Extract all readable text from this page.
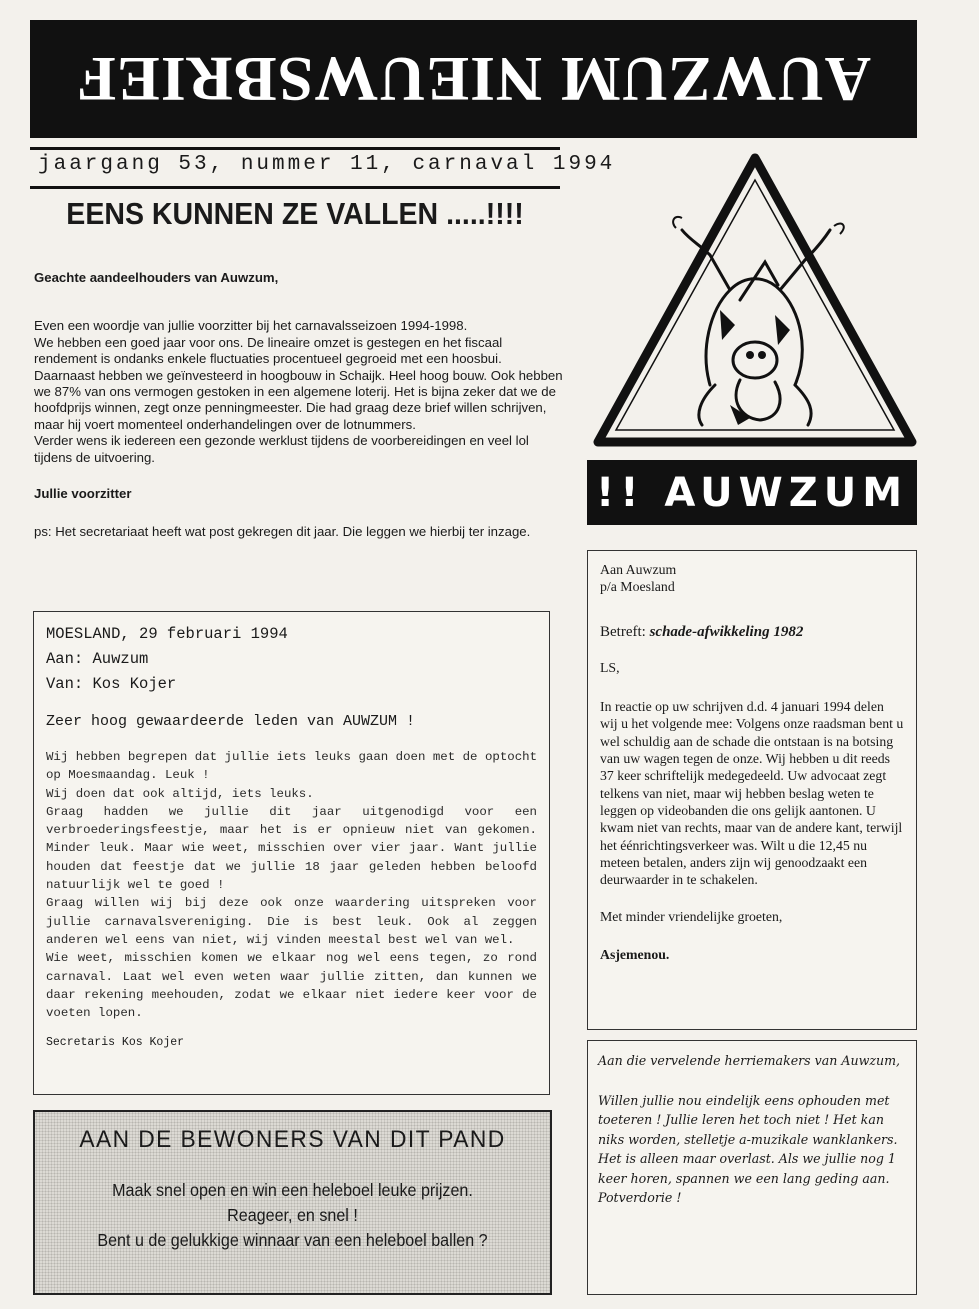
AUWZUM NIEUWSBRIEF
jaargang 53, nummer 11, carnaval 1994
EENS KUNNEN ZE VALLEN .....!!!!

Geachte aandeelhouders van Auwzum,

Even een woordje van jullie voorzitter bij het carnavalsseizoen 1994-1998.

We hebben een goed jaar voor ons. De lineaire omzet is gestegen en het fiscaal rendement is ondanks enkele fluctuaties procentueel gegroeid met een hoosbui.

Daarnaast hebben we geïnvesteerd in hoogbouw in Schaijk. Heel hoog bouw. Ook hebben we 87% van ons vermogen gestoken in een algemene loterij. Het is bijna zeker dat we de hoofdprijs winnen, zegt onze penningmeester. Die had graag deze brief willen schrijven, maar hij voert momenteel onderhandelingen over de lotnummers.

Verder wens ik iedereen een gezonde werklust tijdens de voorbereidingen en veel lol tijdens de uitvoering.

Jullie voorzitter

ps: Het secretariaat heeft wat post gekregen dit jaar. Die leggen we hierbij ter inzage.

!! AUWZUM
MOESLAND, 29 februari 1994
Aan: Auwzum
Van: Kos Kojer
Zeer hoog gewaardeerde leden van AUWZUM !

Wij hebben begrepen dat jullie iets leuks gaan doen met de optocht op Moesmaandag. Leuk !

Wij doen dat ook altijd, iets leuks.

Graag hadden we jullie dit jaar uitgenodigd voor een verbroederingsfeestje, maar het is er opnieuw niet van gekomen. Minder leuk. Maar wie weet, misschien over vier jaar. Want jullie houden dat feestje dat we jullie 18 jaar geleden hebben beloofd natuurlijk wel te goed !

Graag willen wij bij deze ook onze waardering uitspreken voor jullie carnavalsvereniging. Die is best leuk. Ook al zeggen anderen wel eens van niet, wij vinden meestal best wel van wel.

Wie weet, misschien komen we elkaar nog wel eens tegen, zo rond carnaval. Laat wel even weten waar jullie zitten, dan kunnen we daar rekening meehouden, zodat we elkaar niet iedere keer voor de voeten lopen.

Secretaris Kos Kojer
AAN DE BEWONERS VAN DIT PAND
Maak snel open en win een heleboel leuke prijzen.
Reageer, en snel !
Bent u de gelukkige winnaar van een heleboel ballen ?

Aan Auwzum

p/a Moesland

Betreft: schade-afwikkeling 1982

LS,

In reactie op uw schrijven d.d. 4 januari 1994 delen wij u het volgende mee: Volgens onze raadsman bent u wel schuldig aan de schade die ontstaan is na botsing van uw wagen tegen de onze. Wij hebben u dit reeds 37 keer schriftelijk medegedeeld. Uw advocaat zegt telkens van niet, maar wij hebben beslag weten te leggen op videobanden die ons gelijk aantonen. U kwam niet van rechts, maar van de andere kant, terwijl het éénrichtingsverkeer was. Wilt u die 12,45 nu meteen betalen, anders zijn wij genoodzaakt een deurwaarder in te schakelen.

Met minder vriendelijke groeten,

Asjemenou.

Aan die vervelende herriemakers van Auwzum,

Willen jullie nou eindelijk eens ophouden met toeteren ! Jullie leren het toch niet ! Het kan niks worden, stelletje a-muzikale wanklankers. Het is alleen maar overlast. Als we jullie nog 1 keer horen, spannen we een lang geding aan.

Potverdorie !
